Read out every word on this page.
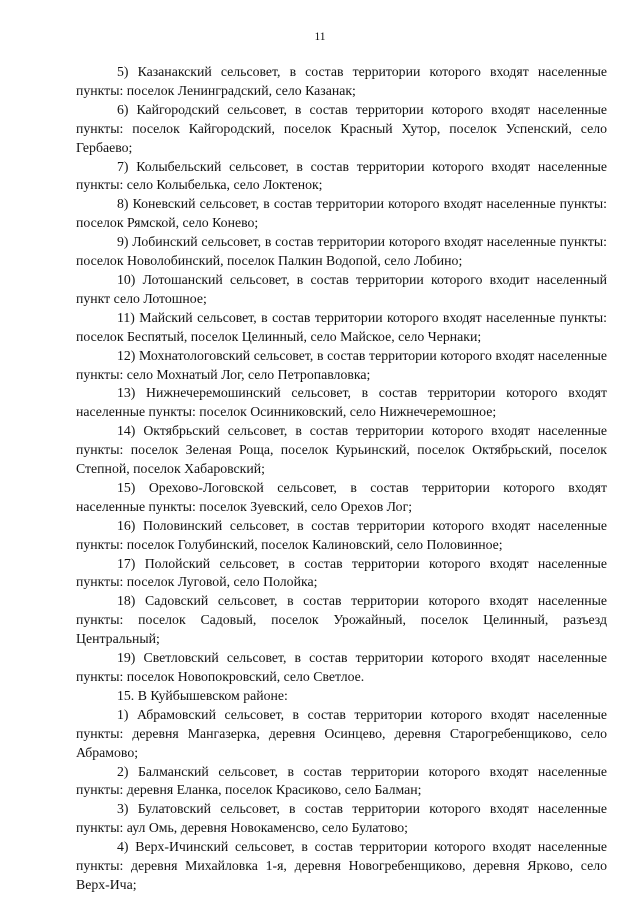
11

5) Казанакский сельсовет, в состав территории которого входят населенные пункты: поселок Ленинградский, село Казанак;

6) Кайгородский сельсовет, в состав территории которого входят населенные пункты: поселок Кайгородский, поселок Красный Хутор, поселок Успенский, село Гербаево;

7) Колыбельский сельсовет, в состав территории которого входят населенные пункты: село Колыбелька, село Локтенок;

8) Коневский сельсовет, в состав территории которого входят населенные пункты: поселок Рямской, село Конево;

9) Лобинский сельсовет, в состав территории которого входят населенные пункты: поселок Новолобинский, поселок Палкин Водопой, село Лобино;

10) Лотошанский сельсовет, в состав территории которого входит населенный пункт село Лотошное;

11) Майский сельсовет, в состав территории которого входят населенные пункты: поселок Беспятый, поселок Целинный, село Майское, село Чернаки;

12) Мохнатологовский сельсовет, в состав территории которого входят населенные пункты: село Мохнатый Лог, село Петропавловка;

13) Нижнечеремошинский сельсовет, в состав территории которого входят населенные пункты: поселок Осинниковский, село Нижнечеремошное;

14) Октябрьский сельсовет, в состав территории которого входят населенные пункты: поселок Зеленая Роща, поселок Курьинский, поселок Октябрьский, поселок Степной, поселок Хабаровский;

15) Орехово-Логовской сельсовет, в состав территории которого входят населенные пункты: поселок Зуевский, село Орехов Лог;

16) Половинский сельсовет, в состав территории которого входят населенные пункты: поселок Голубинский, поселок Калиновский, село Половинное;

17) Полойский сельсовет, в состав территории которого входят населенные пункты: поселок Луговой, село Полойка;

18) Садовский сельсовет, в состав территории которого входят населенные пункты: поселок Садовый, поселок Урожайный, поселок Целинный, разъезд Центральный;

19) Светловский сельсовет, в состав территории которого входят населенные пункты: поселок Новопокровский, село Светлое.

15. В Куйбышевском районе:

1) Абрамовский сельсовет, в состав территории которого входят населенные пункты: деревня Мангазерка, деревня Осинцево, деревня Старогребенщиково, село Абрамово;

2) Балманский сельсовет, в состав территории которого входят населенные пункты: деревня Еланка, поселок Красиково, село Балман;

3) Булатовский сельсовет, в состав территории которого входят населенные пункты: аул Омь, деревня Новокаменсво, село Булатово;

4) Верх-Ичинский сельсовет, в состав территории которого входят населенные пункты: деревня Михайловка 1-я, деревня Новогребенщиково, деревня Ярково, село Верх-Ича;
